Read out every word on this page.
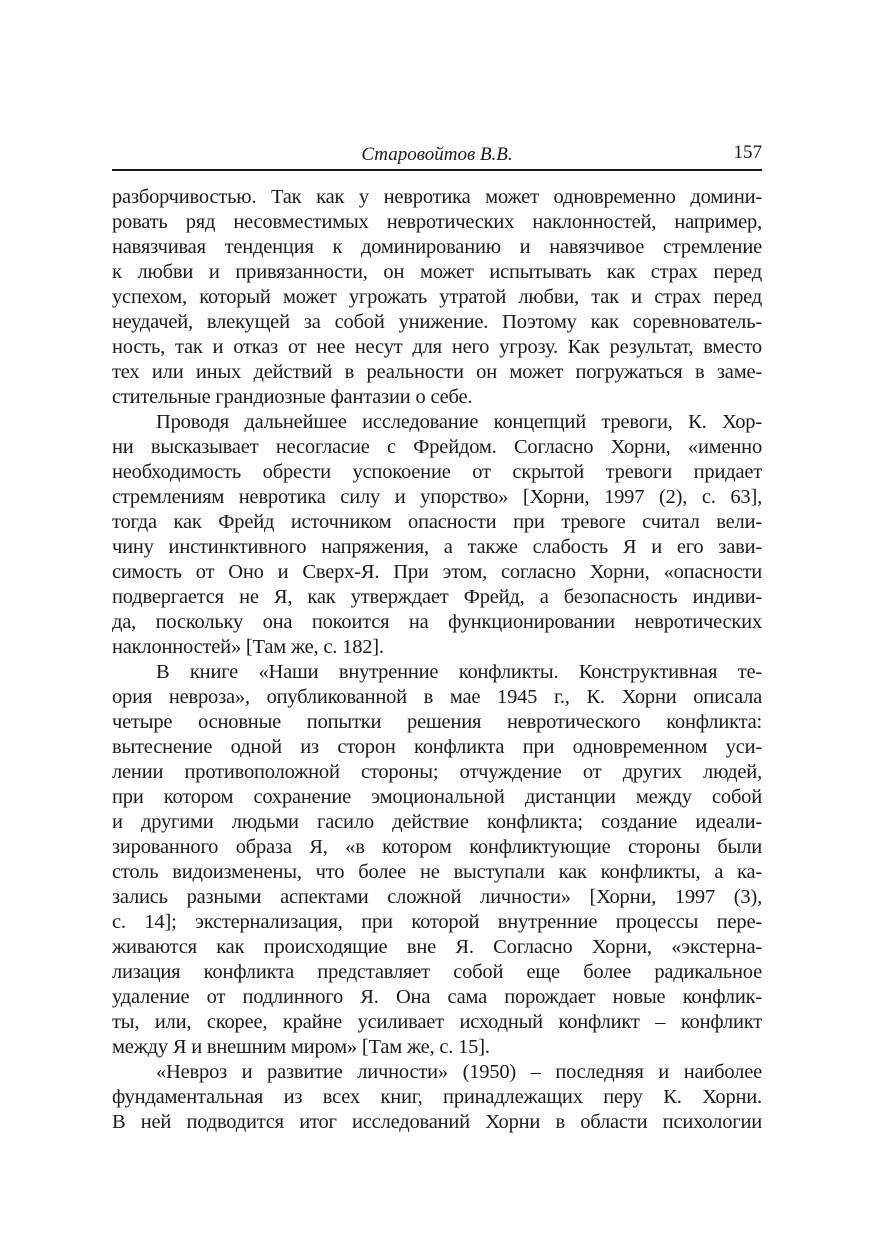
Старовойтов В.В.	157
разборчивостью. Так как у невротика может одновременно домини-
ровать ряд несовместимых невротических наклонностей, например,
навязчивая тенденция к доминированию и навязчивое стремление
к любви и привязанности, он может испытывать как страх перед
успехом, который может угрожать утратой любви, так и страх перед
неудачей, влекущей за собой унижение. Поэтому как соревнователь-
ность, так и отказ от нее несут для него угрозу. Как результат, вместо
тех или иных действий в реальности он может погружаться в заме-
стительные грандиозные фантазии о себе.
Проводя дальнейшее исследование концепций тревоги, К. Хор-
ни высказывает несогласие с Фрейдом. Согласно Хорни, «именно
необходимость обрести успокоение от скрытой тревоги придает
стремлениям невротика силу и упорство» [Хорни, 1997 (2), с. 63],
тогда как Фрейд источником опасности при тревоге считал вели-
чину инстинктивного напряжения, а также слабость Я и его зави-
симость от Оно и Сверх-Я. При этом, согласно Хорни, «опасности
подвергается не Я, как утверждает Фрейд, а безопасность индиви-
да, поскольку она покоится на функционировании невротических
наклонностей» [Там же, с. 182].
В книге «Наши внутренние конфликты. Конструктивная те-
ория невроза», опубликованной в мае 1945 г., К. Хорни описала
четыре основные попытки решения невротического конфликта:
вытеснение одной из сторон конфликта при одновременном уси-
лении противоположной стороны; отчуждение от других людей,
при котором сохранение эмоциональной дистанции между собой
и другими людьми гасило действие конфликта; создание идеали-
зированного образа Я, «в котором конфликтующие стороны были
столь видоизменены, что более не выступали как конфликты, а ка-
зались разными аспектами сложной личности» [Хорни, 1997 (3),
с. 14]; экстернализация, при которой внутренние процессы пере-
живаются как происходящие вне Я. Согласно Хорни, «экстерна-
лизация конфликта представляет собой еще более радикальное
удаление от подлинного Я. Она сама порождает новые конфлик-
ты, или, скорее, крайне усиливает исходный конфликт – конфликт
между Я и внешним миром» [Там же, с. 15].
«Невроз и развитие личности» (1950) – последняя и наиболее
фундаментальная из всех книг, принадлежащих перу К. Хорни.
В ней подводится итог исследований Хорни в области психологии
